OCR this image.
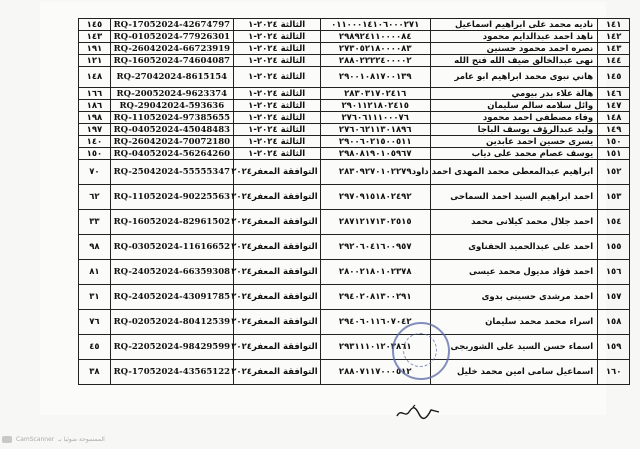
١٤١	ناديه محمد على ابراهيم اسماعيل	٠١١٠٠٠١٤١٠٦٠٠٠٢٧١	الثالثة ٢٠٢٤-١	RQ-17052024-42674797	١٤٥
١٤٢	ناهد احمد عبدالدايم محمود	٢٩٨٩٢٤١١٠٠٠٠٨٤	الثالثة ٢٠٢٤-١	RQ-01052024-77926301	١٤٣
١٤٣	نصره احمد محمود حسنين	٢٧٣٠٥٢١٨٠٠٠٠٨٣	الثالثة ٢٠٢٤-١	RQ-26042024-66723919	١٩١
١٤٤	نهى عبدالخالق ضيف الله فتح الله	٢٨٨٠٢٢٢٢٤٠٠٠٠٢	الثالثة ٢٠٢٤-١	RQ-16052024-74604087	١٢١
١٤٥	هاني نبوى محمد ابراهيم ابو عامر	٢٩٠٠١٠٨١٧٠٠١٣٩	الثالثة ٢٠٢٤-١	RQ-27042024-8615154	١٤٨
١٤٦	هالة علاء بدر بيومي	٢٨٣٠٣١٧٠٢٤١٦	الثالثة ٢٠٢٤-١	RQ-20052024-9623374	١٦٦
١٤٧	وائل سلامه سالم سليمان	٢٩٠١١٢١٨٠٢٤١٥	الثالثة ٢٠٢٤-١	RQ-29042024-593636	١٨٦
١٤٨	وفاء مصطفى احمد محمود	٢٧٦٠٦١١١٠٠٠٧٦	الثالثة ٢٠٢٤-١	RQ-11052024-97385655	١٩٨
١٤٩	وليد عبدالرؤف يوسف الباجا	٢٧٦٠٦٢١١٣٠١٨٩٦	الثالثة ٢٠٢٤-١	RQ-04052024-45048483	١٩٧
١٥٠	يسرى حسين احمد عابدين	٢٩٠٠٦٠٢١٥٠٠٥١١	الثالثة ٢٠٢٤-١	RQ-26042024-70072180	١٤٠
١٥١	يوسف عصام محمد على دياب	٢٩٨٠٨١٩٠١٠٥٩٦٧	الثالثة ٢٠٢٤-١	RQ-04052024-56264260	١٥٠
١٥٢	ابراهيم عبدالمعطى محمد المهدى احمد داود	٢٨٣٠٩٢٧٠١٠٢٢٧٩	التوافقة المعفر٢٠٢٤	RQ-25042024-55555347	٧٠
١٥٣	احمد ابراهيم السيد احمد السماحى	٢٩٧٠٩١٥١٨٠٢٤٩٢	التوافقة المعفر٢٠٢٤	RQ-11052024-90225563	٦٢
١٥٤	احمد جلال محمد كيلانى محمد	٢٨٧١٢١٧١٣٠٢٥١٥	التوافقة المعفر٢٠٢٤	RQ-16052024-82961502	٣٣
١٥٥	احمد على عبدالحميد الحفناوى	٢٩٢٠٦٠٤١٦٠٠٩٥٧	التوافقة المعفر٢٠٢٤	RQ-03052024-11616652	٩٨
١٥٦	احمد فؤاد مديول محمد عيسى	٢٨٠٠٢١٨٠١٠٢٣٧٨	التوافقة المعفر٢٠٢٤	RQ-24052024-66359308	٨١
١٥٧	احمد مرشدى حسينى بدوى	٢٩٤٠٢٠٨١٣٠٠٢٩١	التوافقة المعفر٢٠٢٤	RQ-24052024-43091785	٣١
١٥٨	اسراء محمد محمد سليمان	٢٩٤٠٦٠١١٦٠٧٠٤٢	التوافقة المعفر٢٠٢٤	RQ-02052024-80412539	٧٦
١٥٩	اسماء حسن السيد على الشوربجى	٢٩٣١١١٠١٢٠٣٨٦١	التوافقة المعفر٢٠٢٤	RQ-22052024-98429599	٤٥
١٦٠	اسماعيل سامى امين محمد خليل	٢٨٨٠٧١١٧٠٠٠٥١٢	التوافقة المعفر٢٠٢٤	RQ-17052024-43565122	٣٨
CamScanner الممسوحة ضوئيا بـ
